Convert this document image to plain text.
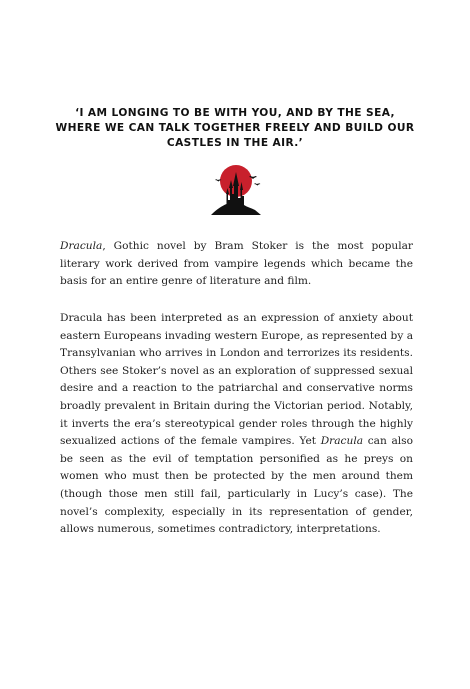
‘I AM LONGING TO BE WITH YOU, AND BY THE SEA,
WHERE WE CAN TALK TOGETHER FREELY AND BUILD OUR
CASTLES IN THE AIR.’

Dracula, Gothic novel by Bram Stoker is the most popular literary work derived from vampire legends which became the basis for an entire genre of literature and film.

Dracula has been interpreted as an expression of anxiety about eastern Europeans invading western Europe, as represented by a Transylvanian who arrives in London and terrorizes its residents. Others see Stoker’s novel as an exploration of suppressed sexual desire and a reaction to the patriarchal and conservative norms broadly prevalent in Britain during the Victorian period. Notably, it inverts the era’s stereotypical gender roles through the highly sexualized actions of the female vampires. Yet Dracula can also be seen as the evil of temptation personified as he preys on women who must then be protected by the men around them (though those men still fail, particularly in Lucy’s case). The novel’s complexity, especially in its representation of gender, allows numerous, sometimes contradictory, interpretations.
